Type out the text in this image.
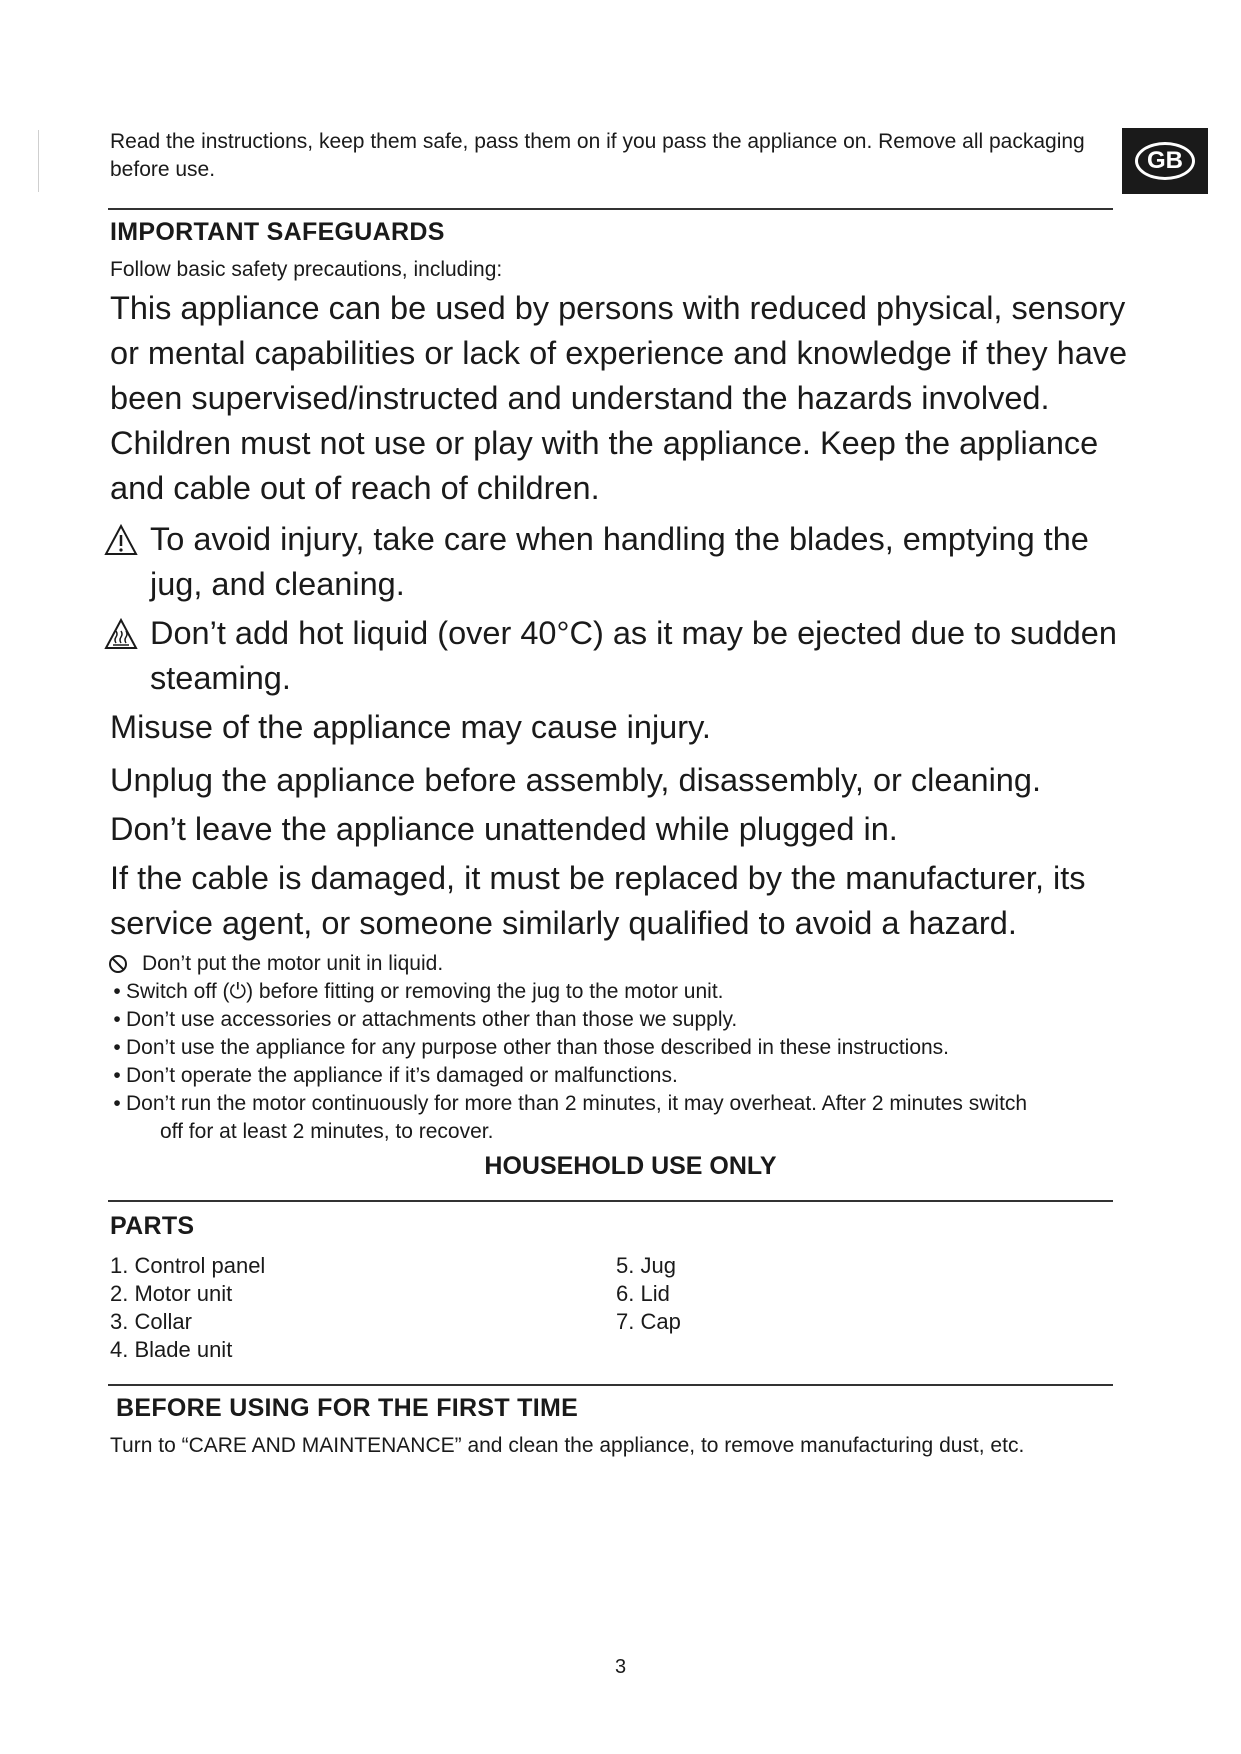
Read the instructions, keep them safe, pass them on if you pass the appliance on. Remove all packaging before use.	GB
IMPORTANT SAFEGUARDS
Follow basic safety precautions, including:
This appliance can be used by persons with reduced physical, sensory or mental capabilities or lack of experience and knowledge if they have been supervised/instructed and understand the hazards involved. Children must not use or play with the appliance. Keep the appliance and cable out of reach of children.
To avoid injury, take care when handling the blades, emptying the jug, and cleaning.
Don’t add hot liquid (over 40°C) as it may be ejected due to sudden steaming.
Misuse of the appliance may cause injury.
Unplug the appliance before assembly, disassembly, or cleaning.
Don’t leave the appliance unattended while plugged in.
If the cable is damaged, it must be replaced by the manufacturer, its service agent, or someone similarly qualified to avoid a hazard.
Don’t put the motor unit in liquid.
• Switch off (⏻) before fitting or removing the jug to the motor unit.
• Don’t use accessories or attachments other than those we supply.
• Don’t use the appliance for any purpose other than those described in these instructions.
• Don’t operate the appliance if it’s damaged or malfunctions.
• Don’t run the motor continuously for more than 2 minutes, it may overheat. After 2 minutes switch
off for at least 2 minutes, to recover.
HOUSEHOLD USE ONLY
PARTS
1. Control panel
2. Motor unit
3. Collar
4. Blade unit
5. Jug
6. Lid
7. Cap
BEFORE USING FOR THE FIRST TIME
Turn to “CARE AND MAINTENANCE” and clean the appliance, to remove manufacturing dust, etc.
3
